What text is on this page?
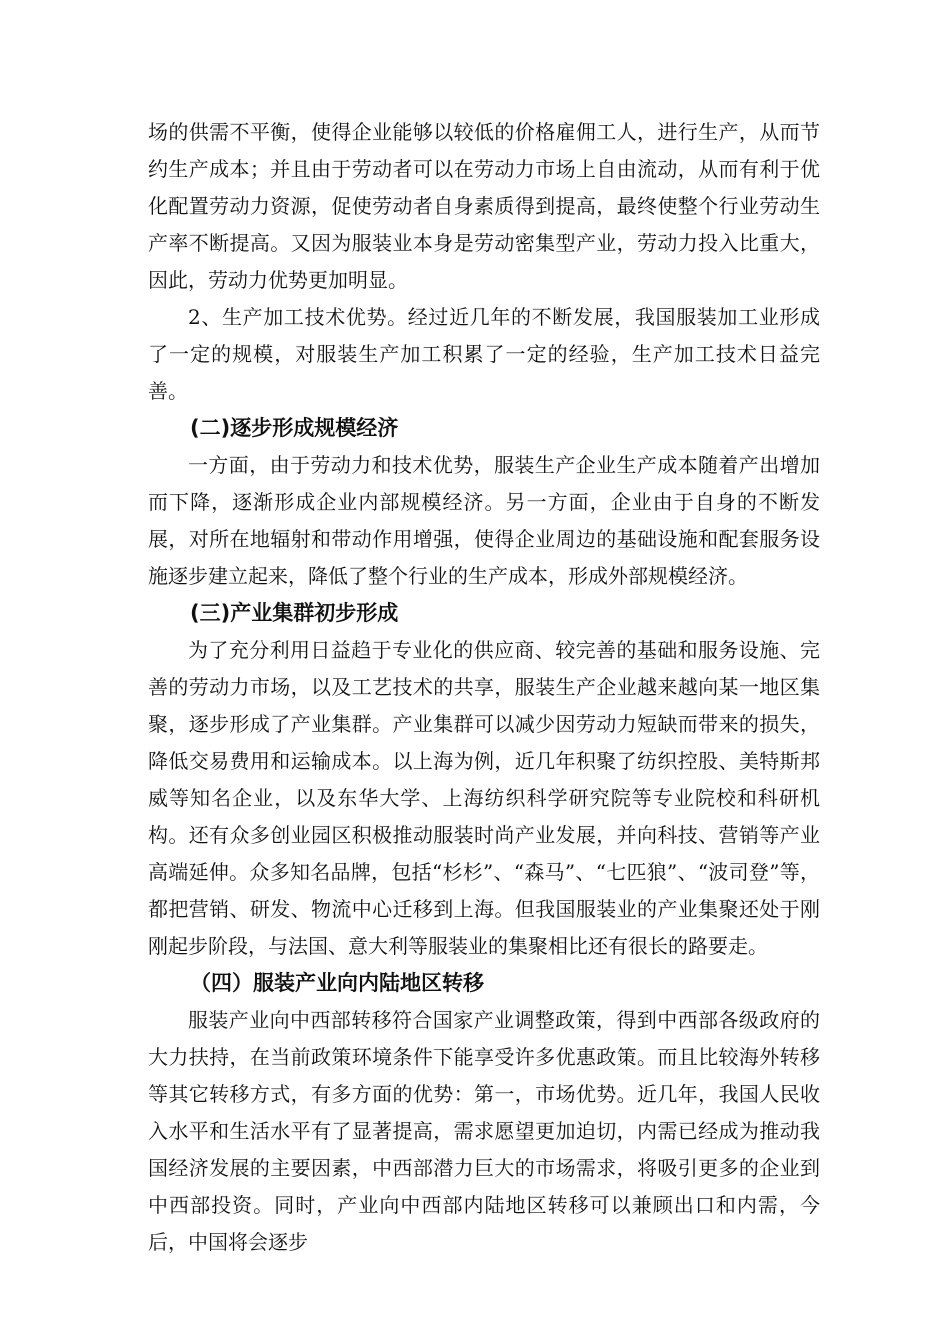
场的供需不平衡，使得企业能够以较低的价格雇佣工人，进行生产，从而节约生产成本；并且由于劳动者可以在劳动力市场上自由流动，从而有利于优化配置劳动力资源，促使劳动者自身素质得到提高，最终使整个行业劳动生产率不断提高。又因为服装业本身是劳动密集型产业，劳动力投入比重大，因此，劳动力优势更加明显。

2、生产加工技术优势。经过近几年的不断发展，我国服装加工业形成了一定的规模，对服装生产加工积累了一定的经验，生产加工技术日益完善。

(二)逐步形成规模经济

一方面，由于劳动力和技术优势，服装生产企业生产成本随着产出增加而下降，逐渐形成企业内部规模经济。另一方面，企业由于自身的不断发展，对所在地辐射和带动作用增强，使得企业周边的基础设施和配套服务设施逐步建立起来，降低了整个行业的生产成本，形成外部规模经济。

(三)产业集群初步形成

为了充分利用日益趋于专业化的供应商、较完善的基础和服务设施、完善的劳动力市场，以及工艺技术的共享，服装生产企业越来越向某一地区集聚，逐步形成了产业集群。产业集群可以减少因劳动力短缺而带来的损失，降低交易费用和运输成本。以上海为例，近几年积聚了纺织控股、美特斯邦威等知名企业，以及东华大学、上海纺织科学研究院等专业院校和科研机构。还有众多创业园区积极推动服装时尚产业发展，并向科技、营销等产业高端延伸。众多知名品牌，包括“杉杉”、“森马”、“七匹狼”、“波司登”等，都把营销、研发、物流中心迁移到上海。但我国服装业的产业集聚还处于刚刚起步阶段，与法国、意大利等服装业的集聚相比还有很长的路要走。

（四）服装产业向内陆地区转移

服装产业向中西部转移符合国家产业调整政策，得到中西部各级政府的大力扶持，在当前政策环境条件下能享受许多优惠政策。而且比较海外转移等其它转移方式，有多方面的优势：第一，市场优势。近几年，我国人民收入水平和生活水平有了显著提高，需求愿望更加迫切，内需已经成为推动我国经济发展的主要因素，中西部潜力巨大的市场需求，将吸引更多的企业到中西部投资。同时，产业向中西部内陆地区转移可以兼顾出口和内需，今后，中国将会逐步
